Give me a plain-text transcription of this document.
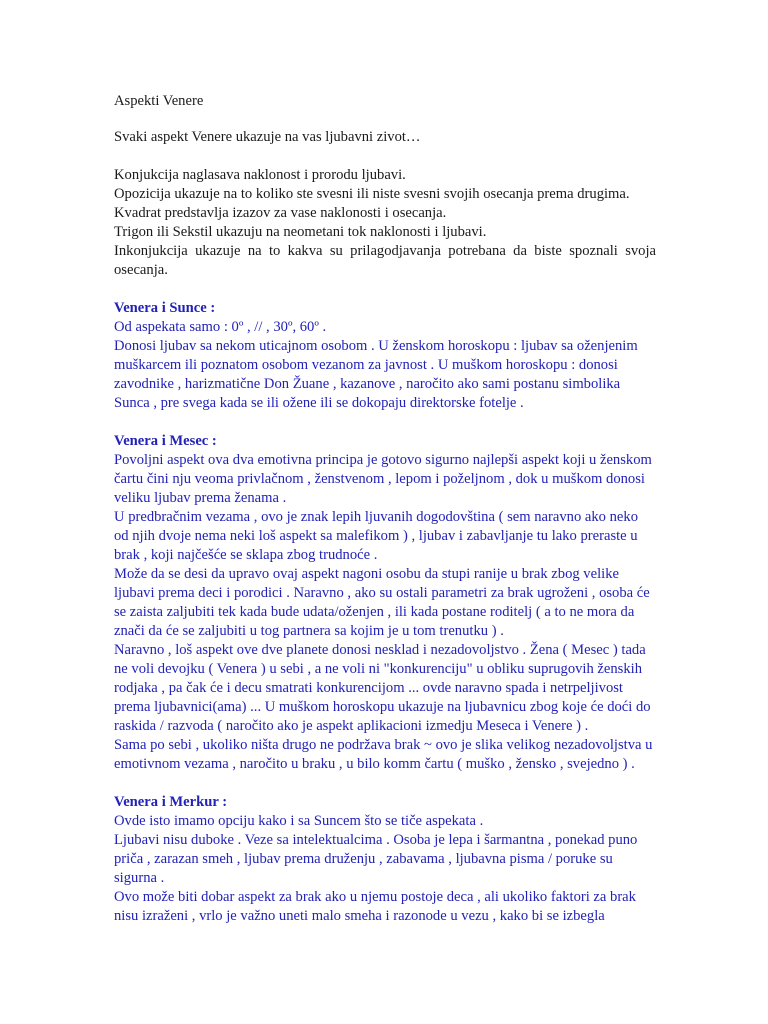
Aspekti Venere
Svaki aspekt Venere ukazuje na vas ljubavni zivot…

Konjukcija naglasava naklonost i prorodu ljubavi.

Opozicija ukazuje na to koliko ste svesni ili niste svesni svojih osecanja prema drugima.

Kvadrat predstavlja izazov za vase naklonosti i osecanja.

Trigon ili Sekstil ukazuju na neometani tok naklonosti i ljubavi.

Inkonjukcija ukazuje na to kakva su prilagodjavanja potrebana da biste spoznali svoja osecanja.

Venera i Sunce :

Od aspekata samo : 0º , // , 30º, 60º .

Donosi ljubav sa nekom uticajnom osobom . U ženskom horoskopu : ljubav sa oženjenim muškarcem ili poznatom osobom vezanom za javnost . U muškom horoskopu : donosi zavodnike , harizmatične Don Žuane , kazanove , naročito ako sami postanu simbolika Sunca , pre svega kada se ili ožene ili se dokopaju direktorske fotelje .

Venera i Mesec :

Povoljni aspekt ova dva emotivna principa je gotovo sigurno najlepši aspekt koji u ženskom čartu čini nju veoma privlačnom , ženstvenom , lepom i poželjnom , dok u muškom donosi veliku ljubav prema ženama .

U predbračnim vezama , ovo je znak lepih ljuvanih dogodovština ( sem naravno ako neko od njih dvoje nema neki loš aspekt sa malefikom ) , ljubav i zabavljanje tu lako preraste u brak , koji najčešće se sklapa zbog trudnoće .

Može da se desi da upravo ovaj aspekt nagoni osobu da stupi ranije u brak zbog velike ljubavi prema deci i porodici . Naravno , ako su ostali parametri za brak ugroženi , osoba će se zaista zaljubiti tek kada bude udata/oženjen , ili kada postane roditelj ( a to ne mora da znači da će se zaljubiti u tog partnera sa kojim je u tom trenutku ) .

Naravno , loš aspekt ove dve planete donosi nesklad i nezadovoljstvo . Žena ( Mesec ) tada ne voli devojku ( Venera ) u sebi , a ne voli ni "konkurenciju" u obliku suprugovih ženskih rodjaka , pa čak će i decu smatrati konkurencijom ... ovde naravno spada i netrpeljivost prema ljubavnici(ama) ... U muškom horoskopu ukazuje na ljubavnicu zbog koje će doći do raskida / razvoda ( naročito ako je aspekt aplikacioni izmedju Meseca i Venere ) .

Sama po sebi , ukoliko ništa drugo ne podržava brak ~ ovo je slika velikog nezadovoljstva u emotivnom vezama , naročito u braku , u bilo komm čartu ( muško , žensko , svejedno ) .

Venera i Merkur :

Ovde isto imamo opciju kako i sa Suncem što se tiče aspekata .

Ljubavi nisu duboke . Veze sa intelektualcima . Osoba je lepa i šarmantna , ponekad puno priča , zarazan smeh , ljubav prema druženju , zabavama , ljubavna pisma / poruke su sigurna .

Ovo može biti dobar aspekt za brak ako u njemu postoje deca , ali ukoliko faktori za brak nisu izraženi , vrlo je važno uneti malo smeha i razonode u vezu , kako bi se izbegla
